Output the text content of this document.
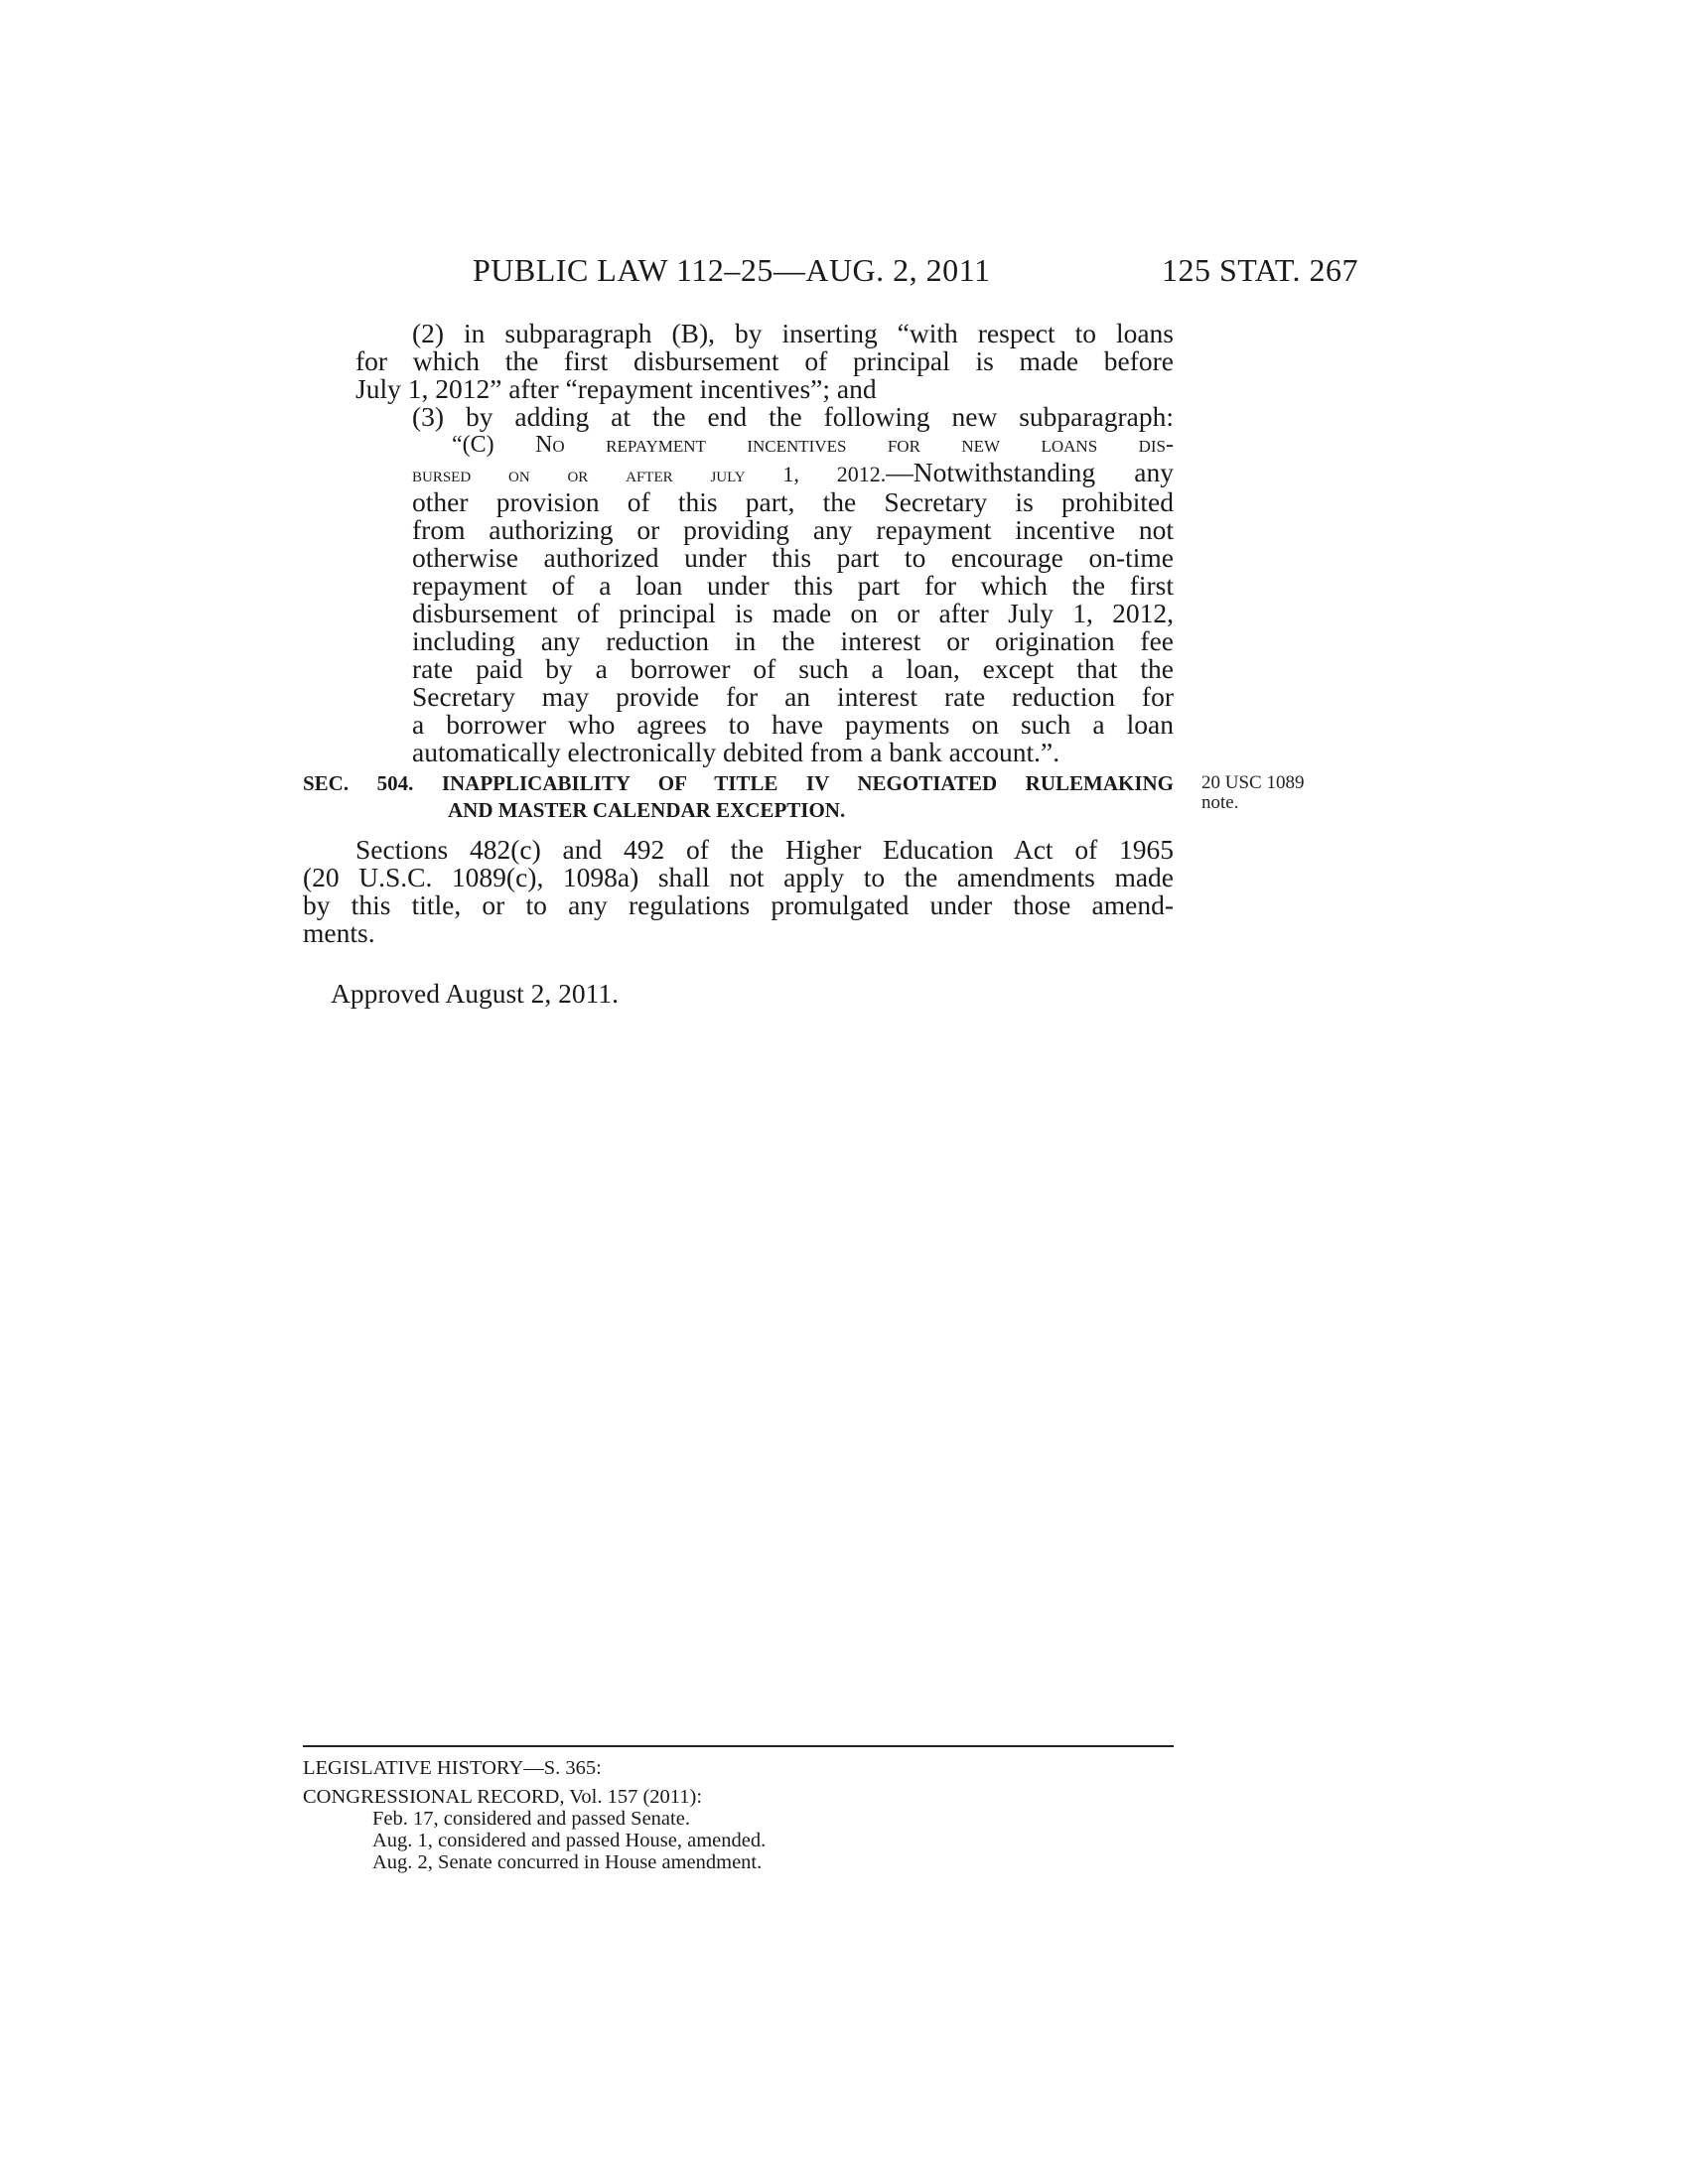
PUBLIC LAW 112–25—AUG. 2, 2011	125 STAT. 267
(2) in subparagraph (B), by inserting “with respect to loans
for which the first disbursement of principal is made before
July 1, 2012” after “repayment incentives”; and
(3) by adding at the end the following new subparagraph:
“(C) No repayment incentives for new loans dis-
bursed on or after july 1, 2012.—Notwithstanding any
other provision of this part, the Secretary is prohibited
from authorizing or providing any repayment incentive not
otherwise authorized under this part to encourage on-time
repayment of a loan under this part for which the first
disbursement of principal is made on or after July 1, 2012,
including any reduction in the interest or origination fee
rate paid by a borrower of such a loan, except that the
Secretary may provide for an interest rate reduction for
a borrower who agrees to have payments on such a loan
automatically electronically debited from a bank account.”.
SEC. 504. INAPPLICABILITY OF TITLE IV NEGOTIATED RULEMAKING
AND MASTER CALENDAR EXCEPTION.
20 USC 1089
note.
Sections 482(c) and 492 of the Higher Education Act of 1965
(20 U.S.C. 1089(c), 1098a) shall not apply to the amendments made
by this title, or to any regulations promulgated under those amend-
ments.
Approved August 2, 2011.
LEGISLATIVE HISTORY—S. 365:
CONGRESSIONAL RECORD, Vol. 157 (2011):
Feb. 17, considered and passed Senate.
Aug. 1, considered and passed House, amended.
Aug. 2, Senate concurred in House amendment.
